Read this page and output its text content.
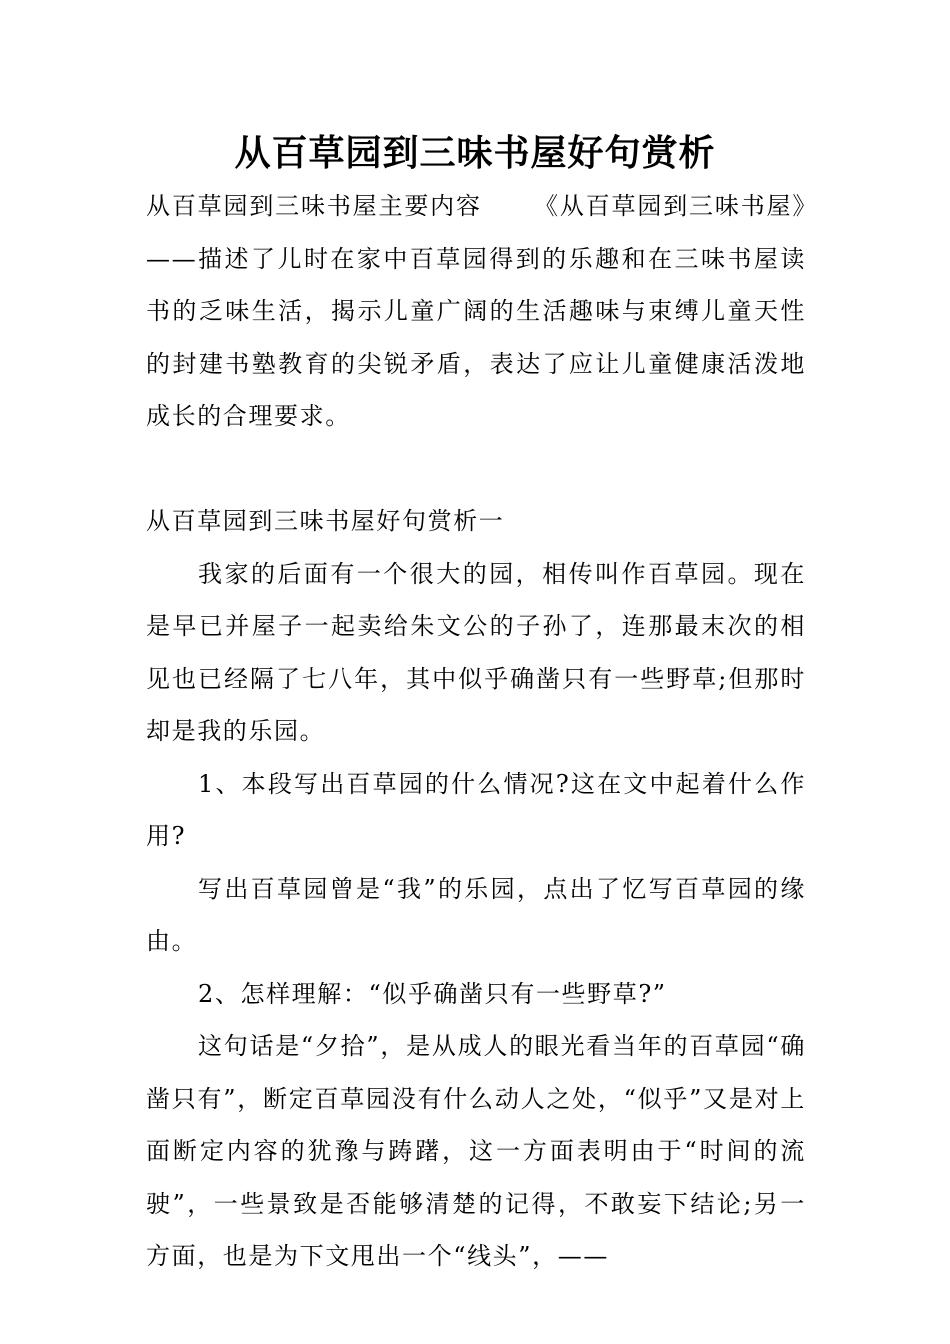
从百草园到三味书屋好句赏析

从百草园到三味书屋主要内容 《从百草园到三味书屋》——描述了儿时在家中百草园得到的乐趣和在三味书屋读书的乏味生活，揭示儿童广阔的生活趣味与束缚儿童天性的封建书塾教育的尖锐矛盾，表达了应让儿童健康活泼地成长的合理要求。

从百草园到三味书屋好句赏析一

我家的后面有一个很大的园，相传叫作百草园。现在是早已并屋子一起卖给朱文公的子孙了，连那最末次的相见也已经隔了七八年，其中似乎确凿只有一些野草;但那时却是我的乐园。

1、本段写出百草园的什么情况?这在文中起着什么作用?

写出百草园曾是“我”的乐园，点出了忆写百草园的缘由。

2、怎样理解：“似乎确凿只有一些野草?”

这句话是“夕拾”，是从成人的眼光看当年的百草园“确凿只有”，断定百草园没有什么动人之处，“似乎”又是对上面断定内容的犹豫与踌躇，这一方面表明由于“时间的流驶”，一些景致是否能够清楚的记得，不敢妄下结论;另一方面，也是为下文甩出一个“线头”，——
